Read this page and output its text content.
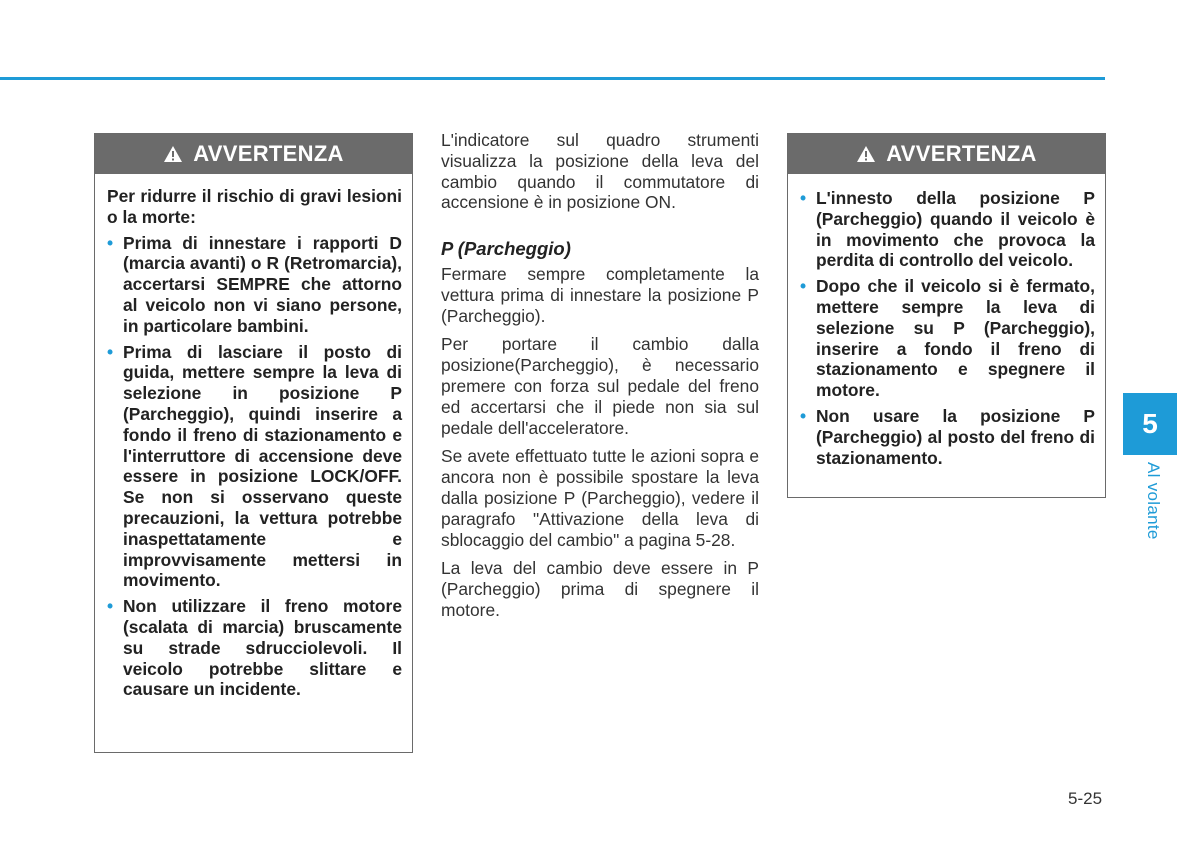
AVVERTENZA

Per ridurre il rischio di gravi lesioni o la morte:

• Prima di innestare i rapporti D (marcia avanti) o R (Retromarcia), accertarsi SEMPRE che attorno al veicolo non vi siano persone, in particolare bambini.
• Prima di lasciare il posto di guida, mettere sempre la leva di selezione in posizione P (Parcheggio), quindi inserire a fondo il freno di stazionamento e l'interruttore di accensione deve essere in posizione LOCK/OFF. Se non si osservano queste precauzioni, la vettura potrebbe inaspettatamente e improvvisamente mettersi in movimento.
• Non utilizzare il freno motore (scalata di marcia) bruscamente su strade sdrucciolevoli. Il veicolo potrebbe slittare e causare un incidente.

L'indicatore sul quadro strumenti visualizza la posizione della leva del cambio quando il commutatore di accensione è in posizione ON.

P (Parcheggio)

Fermare sempre completamente la vettura prima di innestare la posizione P (Parcheggio).

Per portare il cambio dalla posizione(Parcheggio), è necessario premere con forza sul pedale del freno ed accertarsi che il piede non sia sul pedale dell'acceleratore.

Se avete effettuato tutte le azioni sopra e ancora non è possibile spostare la leva dalla posizione P (Parcheggio), vedere il paragrafo "Attivazione della leva di sblocaggio del cambio" a pagina 5-28.

La leva del cambio deve essere in P (Parcheggio) prima di spegnere il motore.

AVVERTENZA
• L'innesto della posizione P (Parcheggio) quando il veicolo è in movimento che provoca la perdita di controllo del veicolo.
• Dopo che il veicolo si è fermato, mettere sempre la leva di selezione su P (Parcheggio), inserire a fondo il freno di stazionamento e spegnere il motore.
• Non usare la posizione P (Parcheggio) al posto del freno di stazionamento.
5
Al volante
5-25
